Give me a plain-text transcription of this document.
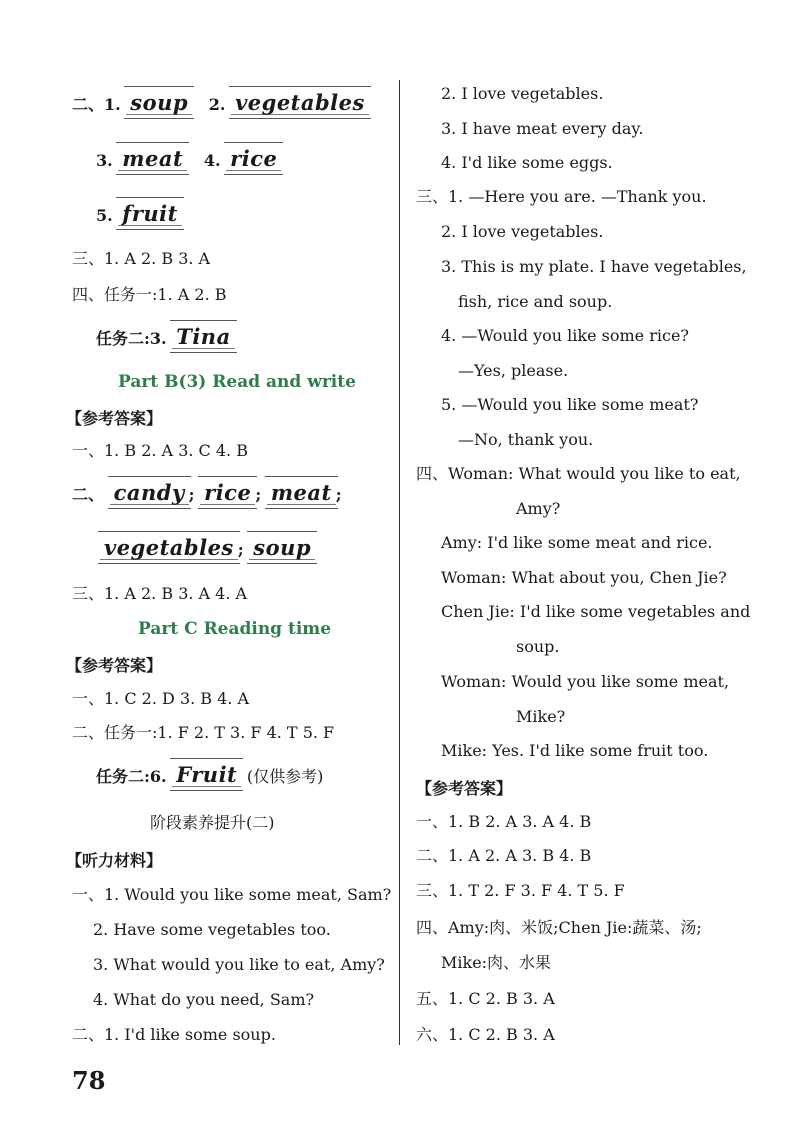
二、1. soup 2. vegetables
3. meat 4. rice
5. fruit
三、1. A 2. B 3. A
四、任务一:1. A 2. B
任务二:3. Tina
Part B(3) Read and write
【参考答案】
一、1. B 2. A 3. C 4. B
二、 candy ; rice ; meat ;
vegetables ; soup
三、1. A 2. B 3. A 4. A
Part C Reading time
【参考答案】
一、1. C 2. D 3. B 4. A
二、任务一:1. F 2. T 3. F 4. T 5. F
任务二:6. Fruit (仅供参考)
阶段素养提升(二)
【听力材料】
一、1. Would you like some meat, Sam?
2. Have some vegetables too.
3. What would you like to eat, Amy?
4. What do you need, Sam?
二、1. I'd like some soup.
2. I love vegetables.
3. I have meat every day.
4. I'd like some eggs.
三、1. —Here you are. —Thank you.
2. I love vegetables.
3. This is my plate. I have vegetables,
fish, rice and soup.
4. —Would you like some rice?
—Yes, please.
5. —Would you like some meat?
—No, thank you.
四、Woman: What would you like to eat,
Amy?
Amy: I'd like some meat and rice.
Woman: What about you, Chen Jie?
Chen Jie: I'd like some vegetables and
soup.
Woman: Would you like some meat,
Mike?
Mike: Yes. I'd like some fruit too.
【参考答案】
一、1. B 2. A 3. A 4. B
二、1. A 2. A 3. B 4. B
三、1. T 2. F 3. F 4. T 5. F
四、Amy:肉、米饭;Chen Jie:蔬菜、汤;
Mike:肉、水果
五、1. C 2. B 3. A
六、1. C 2. B 3. A
78
